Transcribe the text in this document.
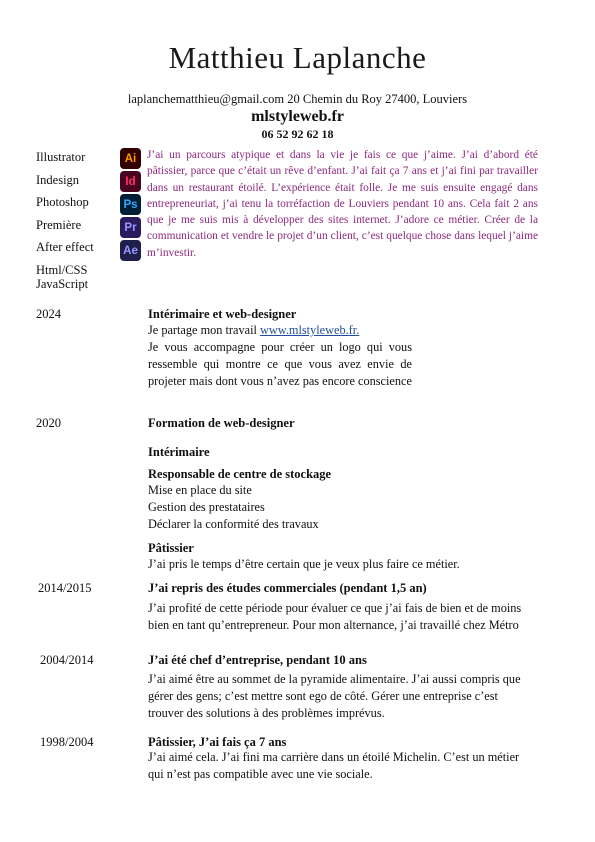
Matthieu Laplanche
laplanchematthieu@gmail.com 20 Chemin du Roy 27400, Louviers
mlstyleweb.fr
06 52 92 62 18
Illustrator
Indesign
Photoshop
Première
After effect
Html/CSS
JavaScript
Ai
Id
Ps
Pr
Ae
J’ai un parcours atypique et dans la vie je fais ce que j’aime. J’ai d’abord été pâtissier, parce que c’était un rêve d’enfant. J’ai fait ça 7 ans et j’ai fini par travailler dans un restaurant étoilé. L’expérience était folle. Je me suis ensuite engagé dans entrepreneuriat, j’ai tenu la torréfaction de Louviers pendant 10 ans. Cela fait 2 ans que je me suis mis à développer des sites internet. J’adore ce métier. Créer de la communication et vendre le projet d’un client, c’est quelque chose dans lequel j’aime m’investir.
2024	Intérimaire et web-designer
Je partage mon travail www.mlstyleweb.fr.
Je vous accompagne pour créer un logo qui vous ressemble qui montre ce que vous avez envie de projeter mais dont vous n’avez pas encore conscience
2020	Formation de web-designer
Intérimaire
Responsable de centre de stockage
Mise en place du site
Gestion des prestataires
Déclarer la conformité des travaux
Pâtissier
J’ai pris le temps d’être certain que je veux plus faire ce métier.
2014/2015	J’ai repris des études commerciales (pendant 1,5 an)
J’ai profité de cette période pour évaluer ce que j’ai fais de bien et de moins bien en tant qu’entrepreneur. Pour mon alternance, j’ai travaillé chez Métro
2004/2014	J’ai été chef d’entreprise, pendant 10 ans
J’ai aimé être au sommet de la pyramide alimentaire. J’ai aussi compris que gérer des gens; c’est mettre sont ego de côté. Gérer une entreprise c’est trouver des solutions à des problèmes imprévus.
1998/2004	Pâtissier, J’ai fais ça 7 ans
J’ai aimé cela. J’ai fini ma carrière dans un étoilé Michelin. C’est un métier qui n’est pas compatible avec une vie sociale.
